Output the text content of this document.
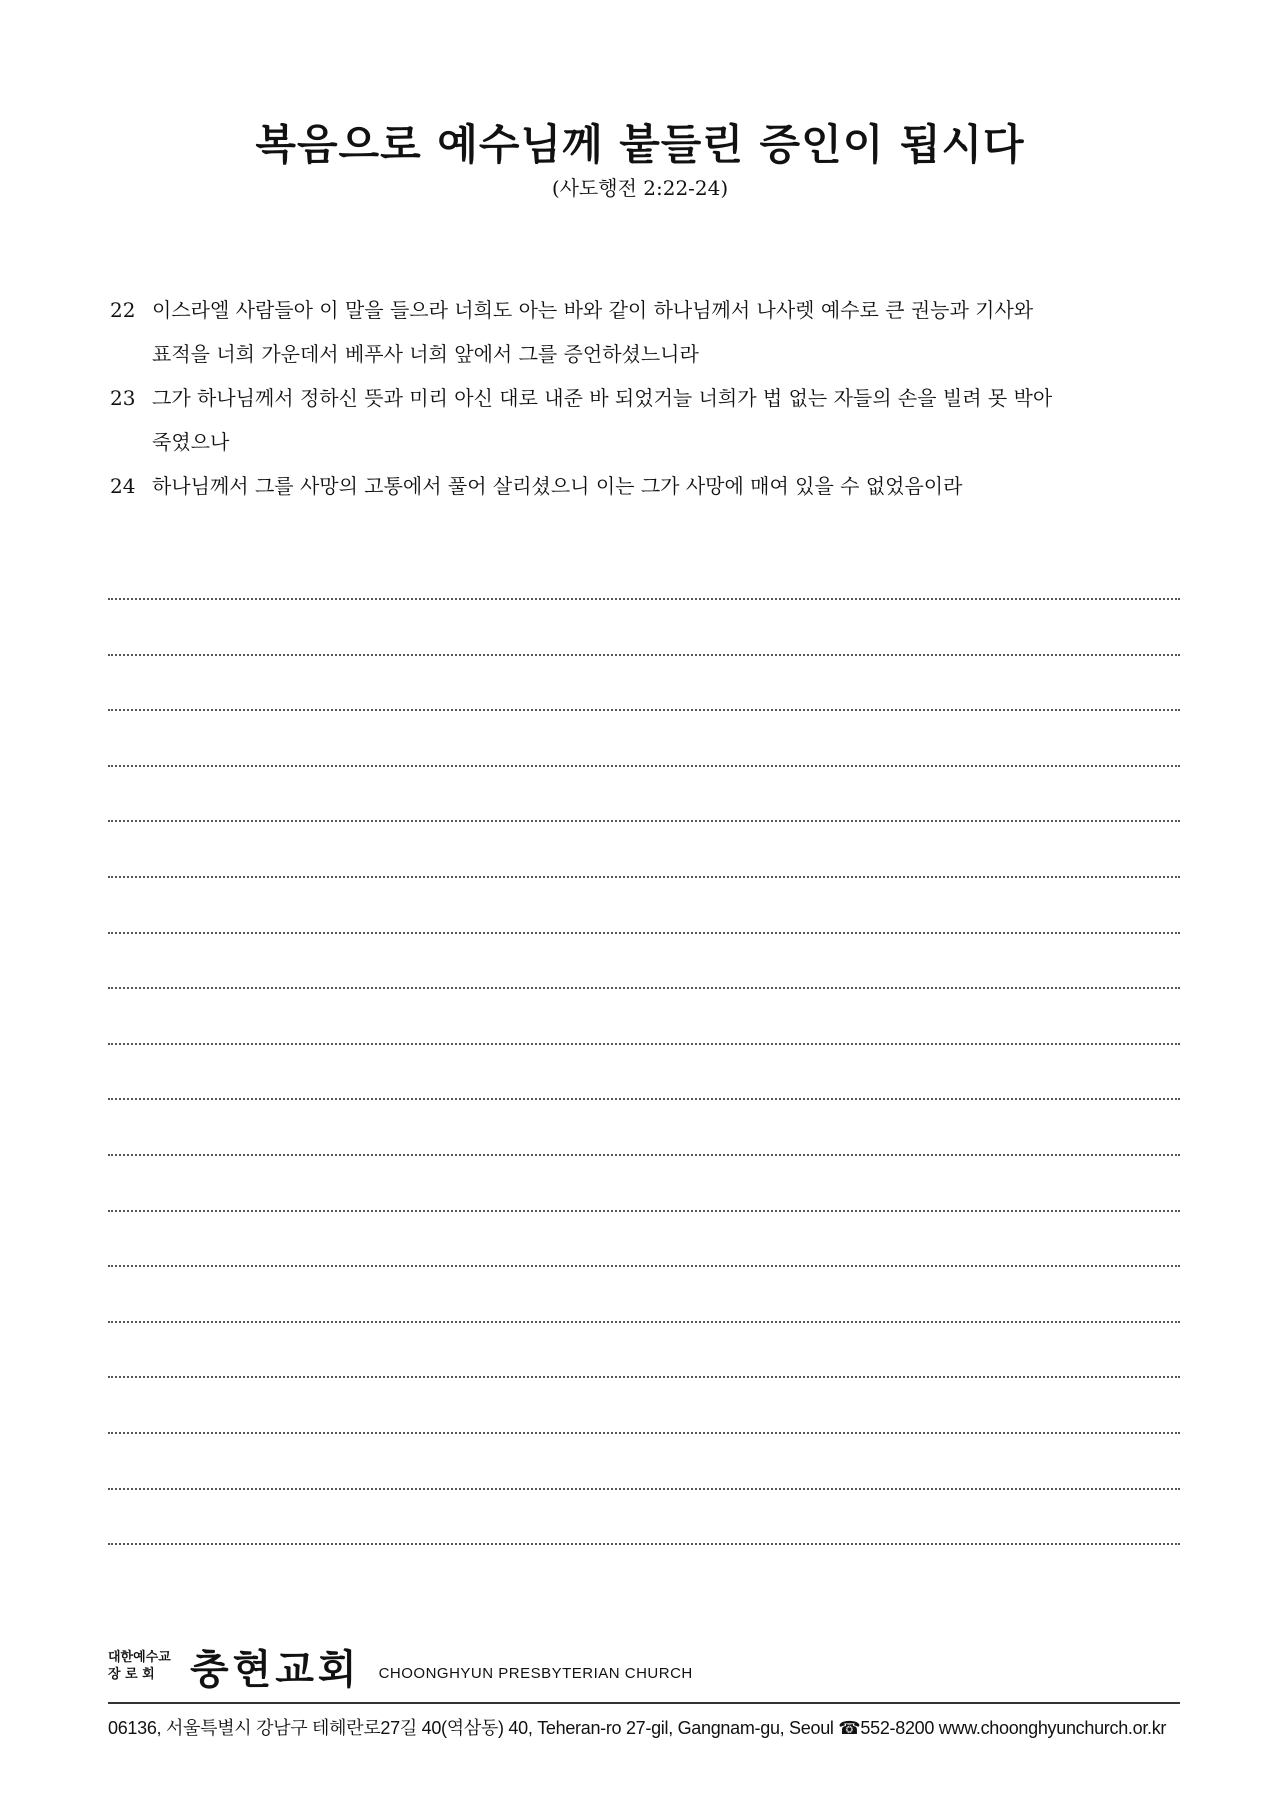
복음으로 예수님께 붙들린 증인이 됩시다
(사도행전 2:22-24)
22 이스라엘 사람들아 이 말을 들으라 너희도 아는 바와 같이 하나님께서 나사렛 예수로 큰 권능과 기사와
표적을 너희 가운데서 베푸사 너희 앞에서 그를 증언하셨느니라
23 그가 하나님께서 정하신 뜻과 미리 아신 대로 내준 바 되었거늘 너희가 법 없는 자들의 손을 빌려 못 박아
죽였으나
24 하나님께서 그를 사망의 고통에서 풀어 살리셨으니 이는 그가 사망에 매여 있을 수 없었음이라
대한예수교
장 로 회 충현교회 CHOONGHYUN PRESBYTERIAN CHURCH
06136, 서울특별시 강남구 테헤란로27길 40(역삼동) 40, Teheran-ro 27-gil, Gangnam-gu, Seoul ☎552-8200 www.choonghyunchurch.or.kr
